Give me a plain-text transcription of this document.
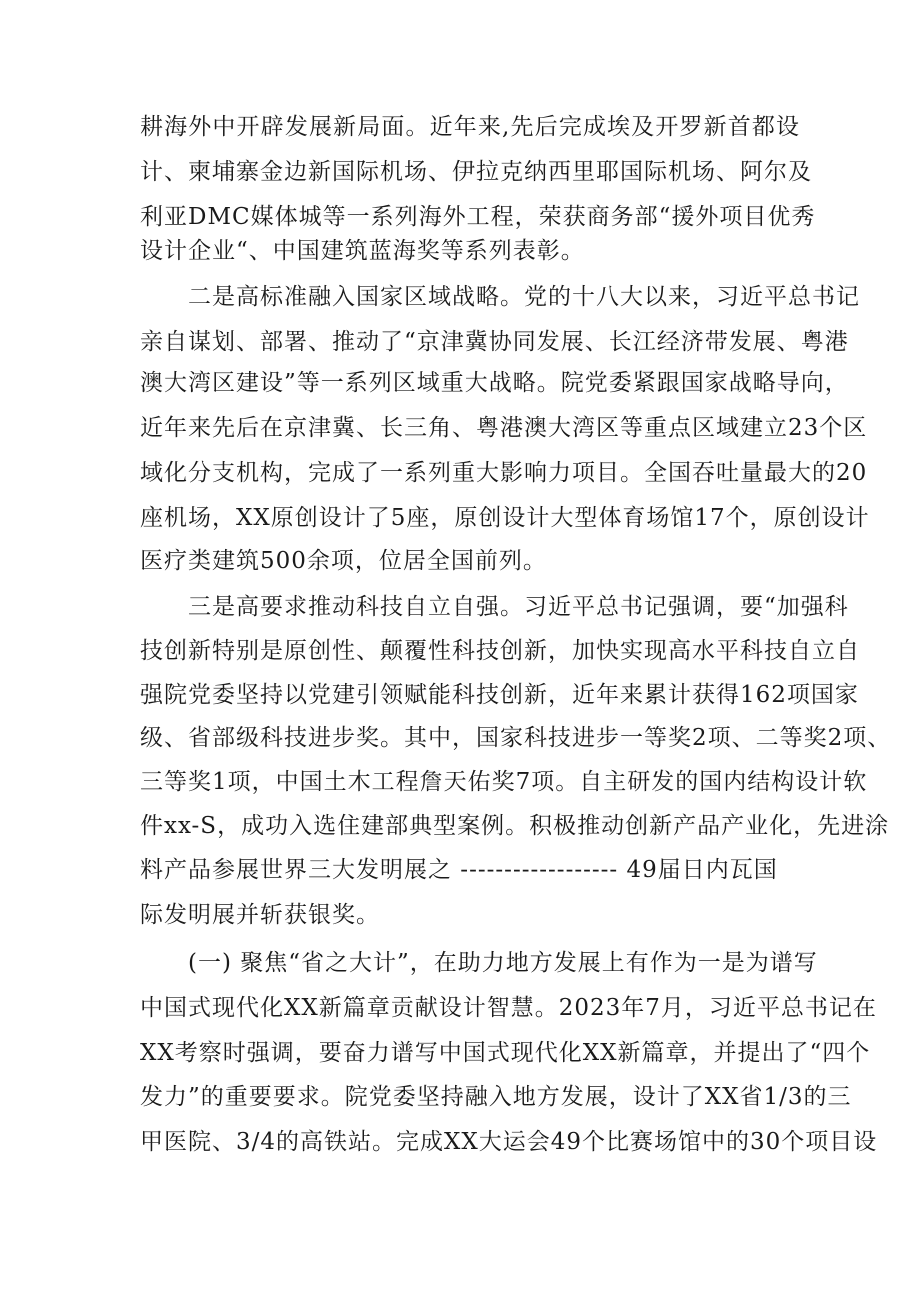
耕海外中开辟发展新局面。近年来,先后完成埃及开罗新首都设
计、柬埔寨金边新国际机场、伊拉克纳西里耶国际机场、阿尔及
利亚DMC媒体城等一系列海外工程，荣获商务部“援外项目优秀
设计企业“、中国建筑蓝海奖等系列表彰。
二是高标准融入国家区域战略。党的十八大以来，习近平总书记
亲自谋划、部署、推动了“京津冀协同发展、长江经济带发展、粤港
澳大湾区建设”等一系列区域重大战略。院党委紧跟国家战略导向，
近年来先后在京津冀、长三角、粤港澳大湾区等重点区域建立23个区
域化分支机构，完成了一系列重大影响力项目。全国吞吐量最大的20
座机场，XX原创设计了5座，原创设计大型体育场馆17个，原创设计
医疗类建筑500余项，位居全国前列。
三是高要求推动科技自立自强。习近平总书记强调，要“加强科
技创新特别是原创性、颠覆性科技创新，加快实现高水平科技自立自
强院党委坚持以党建引领赋能科技创新，近年来累计获得162项国家
级、省部级科技进步奖。其中，国家科技进步一等奖2项、二等奖2项、
三等奖1项，中国土木工程詹天佑奖7项。自主研发的国内结构设计软
件xx-S，成功入选住建部典型案例。积极推动创新产品产业化，先进涂
料产品参展世界三大发明展之 ------------------ 49届日内瓦国
际发明展并斩获银奖。
(一) 聚焦“省之大计”，在助力地方发展上有作为一是为谱写
中国式现代化XX新篇章贡献设计智慧。2023年7月，习近平总书记在
XX考察时强调，要奋力谱写中国式现代化XX新篇章，并提出了“四个
发力”的重要要求。院党委坚持融入地方发展，设计了XX省1/3的三
甲医院、3/4的高铁站。完成XX大运会49个比赛场馆中的30个项目设
